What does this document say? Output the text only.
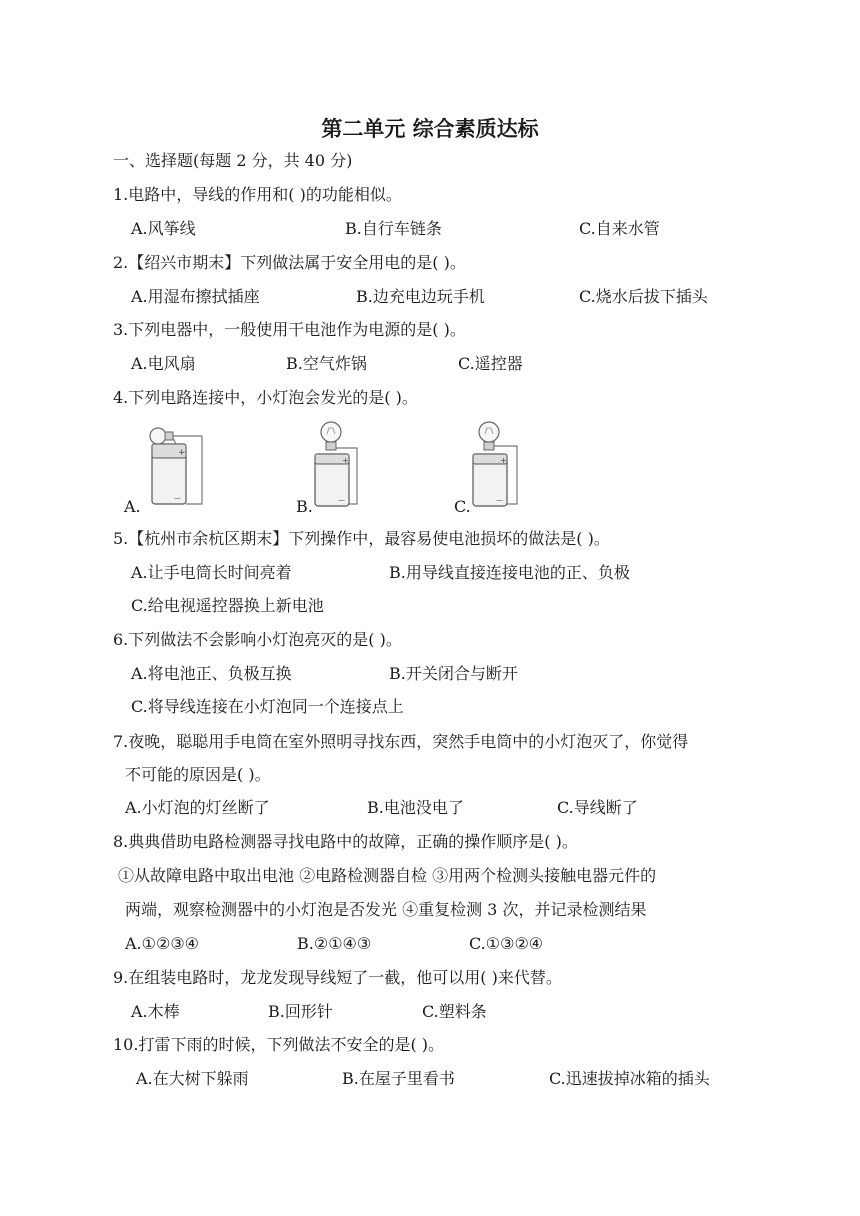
第二单元 综合素质达标
一、选择题(每题 2 分，共 40 分)
1.电路中，导线的作用和( )的功能相似。
A.风筝线	B.自行车链条	C.自来水管
2.【绍兴市期末】下列做法属于安全用电的是( )。
A.用湿布擦拭插座	B.边充电边玩手机	C.烧水后拔下插头
3.下列电器中，一般使用干电池作为电源的是( )。
A.电风扇	B.空气炸锅	C.遥控器
4.下列电路连接中，小灯泡会发光的是( )。
+
—
A.
+
—
B.
+
—
C.
5.【杭州市余杭区期末】下列操作中，最容易使电池损坏的做法是( )。
A.让手电筒长时间亮着	B.用导线直接连接电池的正、负极
C.给电视遥控器换上新电池
6.下列做法不会影响小灯泡亮灭的是( )。
A.将电池正、负极互换	B.开关闭合与断开
C.将导线连接在小灯泡同一个连接点上
7.夜晚，聪聪用手电筒在室外照明寻找东西，突然手电筒中的小灯泡灭了，你觉得
不可能的原因是( )。
A.小灯泡的灯丝断了	B.电池没电了	C.导线断了
8.典典借助电路检测器寻找电路中的故障，正确的操作顺序是( )。
①从故障电路中取出电池 ②电路检测器自检 ③用两个检测头接触电器元件的
两端，观察检测器中的小灯泡是否发光 ④重复检测 3 次，并记录检测结果
A.①②③④	B.②①④③	C.①③②④
9.在组装电路时，龙龙发现导线短了一截，他可以用( )来代替。
A.木棒	B.回形针	C.塑料条
10.打雷下雨的时候，下列做法不安全的是( )。
A.在大树下躲雨	B.在屋子里看书	C.迅速拔掉冰箱的插头
